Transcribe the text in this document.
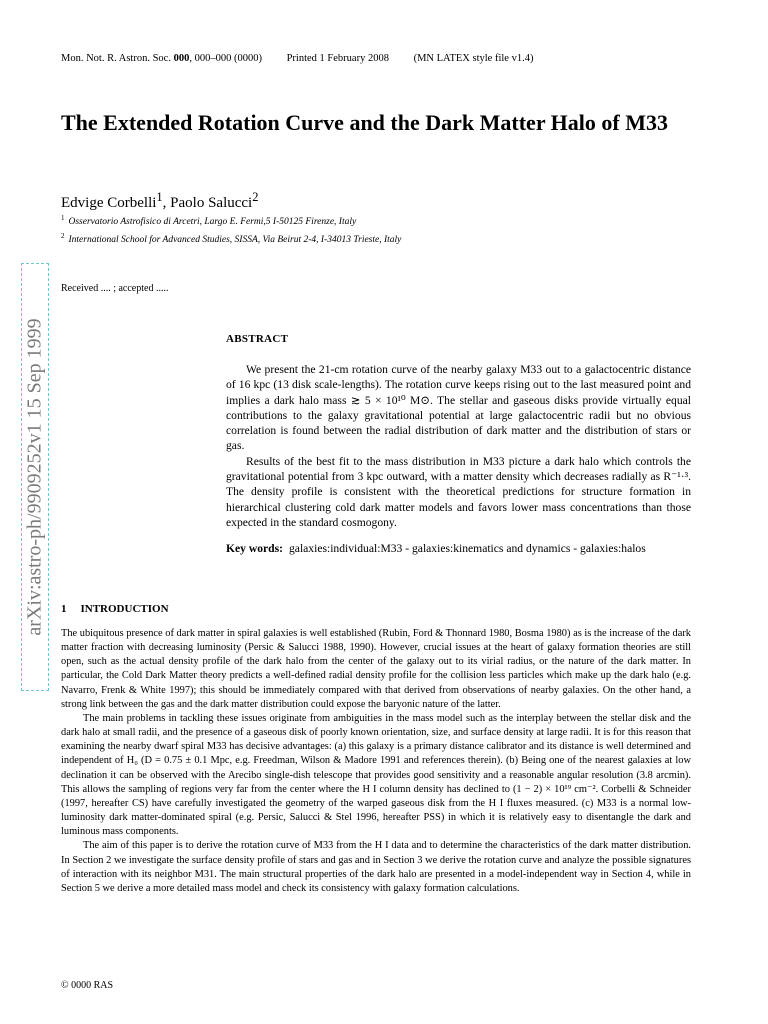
Mon. Not. R. Astron. Soc. 000, 000–000 (0000) Printed 1 February 2008 (MN LATEX style file v1.4)
The Extended Rotation Curve and the Dark Matter Halo of M33
Edvige Corbelli$^1$, Paolo Salucci$^2$
$^1$ Osservatorio Astrofisico di Arcetri, Largo E. Fermi,5 I-50125 Firenze, Italy
$^2$ International School for Advanced Studies, SISSA, Via Beirut 2-4, I-34013 Trieste, Italy
arXiv:astro-ph/9909252v1 15 Sep 1999
Received .... ; accepted .....
ABSTRACT

We present the 21-cm rotation curve of the nearby galaxy M33 out to a galactocentric distance of 16 kpc (13 disk scale-lengths). The rotation curve keeps rising out to the last measured point and implies a dark halo mass ≳ 5 × 10¹⁰ M⊙. The stellar and gaseous disks provide virtually equal contributions to the galaxy gravitational potential at large galactocentric radii but no obvious correlation is found between the radial distribution of dark matter and the distribution of stars or gas.

Results of the best fit to the mass distribution in M33 picture a dark halo which controls the gravitational potential from 3 kpc outward, with a matter density which decreases radially as R⁻¹·³. The density profile is consistent with the theoretical predictions for structure formation in hierarchical clustering cold dark matter models and favors lower mass concentrations than those expected in the standard cosmogony.

Key words: galaxies:individual:M33 - galaxies:kinematics and dynamics - galaxies:halos
1 INTRODUCTION

The ubiquitous presence of dark matter in spiral galaxies is well established (Rubin, Ford & Thonnard 1980, Bosma 1980) as is the increase of the dark matter fraction with decreasing luminosity (Persic & Salucci 1988, 1990). However, crucial issues at the heart of galaxy formation theories are still open, such as the actual density profile of the dark halo from the center of the galaxy out to its virial radius, or the nature of the dark matter. In particular, the Cold Dark Matter theory predicts a well-defined radial density profile for the collision less particles which make up the dark halo (e.g. Navarro, Frenk & White 1997); this should be immediately compared with that derived from observations of nearby galaxies. On the other hand, a strong link between the gas and the dark matter distribution could expose the baryonic nature of the latter.

The main problems in tackling these issues originate from ambiguities in the mass model such as the interplay between the stellar disk and the dark halo at small radii, and the presence of a gaseous disk of poorly known orientation, size, and surface density at large radii. It is for this reason that examining the nearby dwarf spiral M33 has decisive advantages: (a) this galaxy is a primary distance calibrator and its distance is well determined and independent of H₀ (D = 0.75 ± 0.1 Mpc, e.g. Freedman, Wilson & Madore 1991 and references therein). (b) Being one of the nearest galaxies at low declination it can be observed with the Arecibo single-dish telescope that provides good sensitivity and a reasonable angular resolution (3.8 arcmin). This allows the sampling of regions very far from the center where the H I column density has declined to (1 − 2) × 10¹⁹ cm⁻². Corbelli & Schneider (1997, hereafter CS) have carefully investigated the geometry of the warped gaseous disk from the H I fluxes measured. (c) M33 is a normal low-luminosity dark matter-dominated spiral (e.g. Persic, Salucci & Stel 1996, hereafter PSS) in which it is relatively easy to disentangle the dark and luminous mass components.

The aim of this paper is to derive the rotation curve of M33 from the H I data and to determine the characteristics of the dark matter distribution. In Section 2 we investigate the surface density profile of stars and gas and in Section 3 we derive the rotation curve and analyze the possible signatures of interaction with its neighbor M31. The main structural properties of the dark halo are presented in a model-independent way in Section 4, while in Section 5 we derive a more detailed mass model and check its consistency with galaxy formation calculations.

© 0000 RAS
